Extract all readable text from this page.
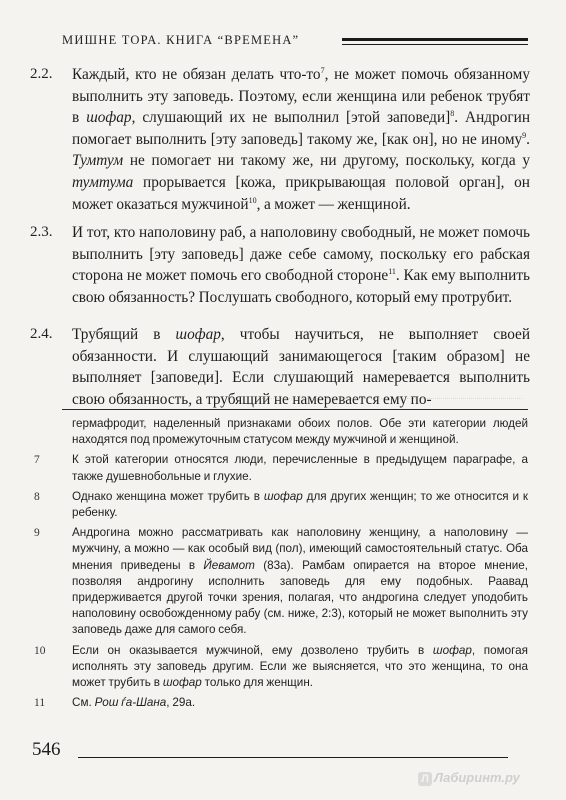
МИШНЕ ТОРА. КНИГА “ВРЕМЕНА”
2.2. Каждый, кто не обязан делать что-$то^7$, не может помочь обязанному выполнить эту заповедь. Поэтому, если женщина или ребенок трубят в шофар, слушающий их не выполнил [этой заповеди]$^8$. Андрогин помогает выполнить [эту заповедь] такому же, [как он], но не иному$^9$. Тумтум не помогает ни такому же, ни другому, поскольку, когда у тумтума прорывается [кожа, прикрывающая половой орган], он может оказаться мужчиной$^{10}$, а может — женщиной.
2.3. И тот, кто наполовину раб, а наполовину свободный, не может помочь выполнить [эту заповедь] даже себе самому, поскольку его рабская сторона не может помочь его свободной стороне$^{11}$. Как ему выполнить свою обязанность? Послушать свободного, который ему протрубит.
2.4. Трубящий в шофар, чтобы научиться, не выполняет своей обязанности. И слушающий занимающегося [таким образом] не выполняет [заповеди]. Если слушающий намеревается выполнить свою обязанность, а трубящий не намеревается ему по-
гермафродит, наделенный признаками обоих полов. Обе эти категории людей находятся под промежуточным статусом между мужчиной и женщиной.
7	К этой категории относятся люди, перечисленные в предыдущем параграфе, а также душевнобольные и глухие.
8	Однако женщина может трубить в шофар для других женщин; то же относится и к ребенку.
9	Андрогина можно рассматривать как наполовину женщину, а наполовину — мужчину, а можно — как особый вид (пол), имеющий самостоятельный статус. Оба мнения приведены в Йевамот (83а). Рамбам опирается на второе мнение, позволяя андрогину исполнить заповедь для ему подобных. Раавад придерживается другой точки зрения, полагая, что андрогина следует уподобить наполовину освобожденному рабу (см. ниже, 2:3), который не может выполнить эту заповедь даже для самого себя.
10 Если он оказывается мужчиной, ему дозволено трубить в шофар, помогая исполнять эту заповедь другим. Если же выясняется, что это женщина, то она может трубить в шофар только для женщин.
11 См. Рош ѓа-Шана, 29а.
546
Л Лабиринт.ру
